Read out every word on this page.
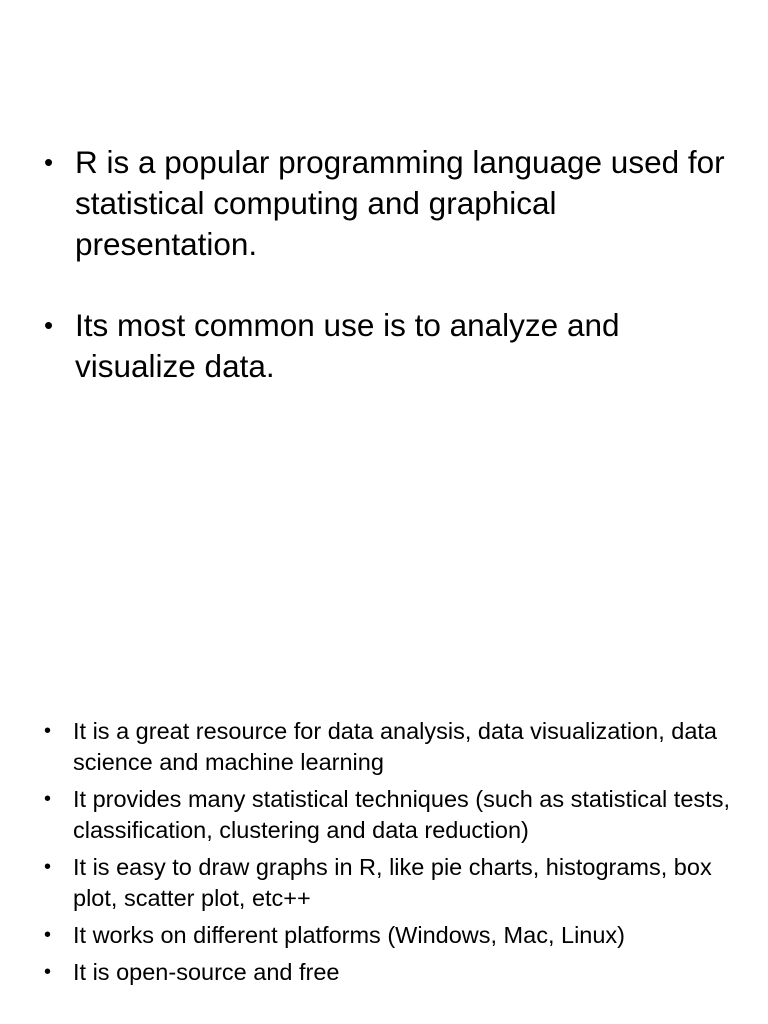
• R is a popular programming language used for statistical computing and graphical presentation.
• Its most common use is to analyze and visualize data.
• It is a great resource for data analysis, data visualization, data science and machine learning
• It provides many statistical techniques (such as statistical tests, classification, clustering and data reduction)
• It is easy to draw graphs in R, like pie charts, histograms, box plot, scatter plot, etc++
• It works on different platforms (Windows, Mac, Linux)
• It is open-source and free
